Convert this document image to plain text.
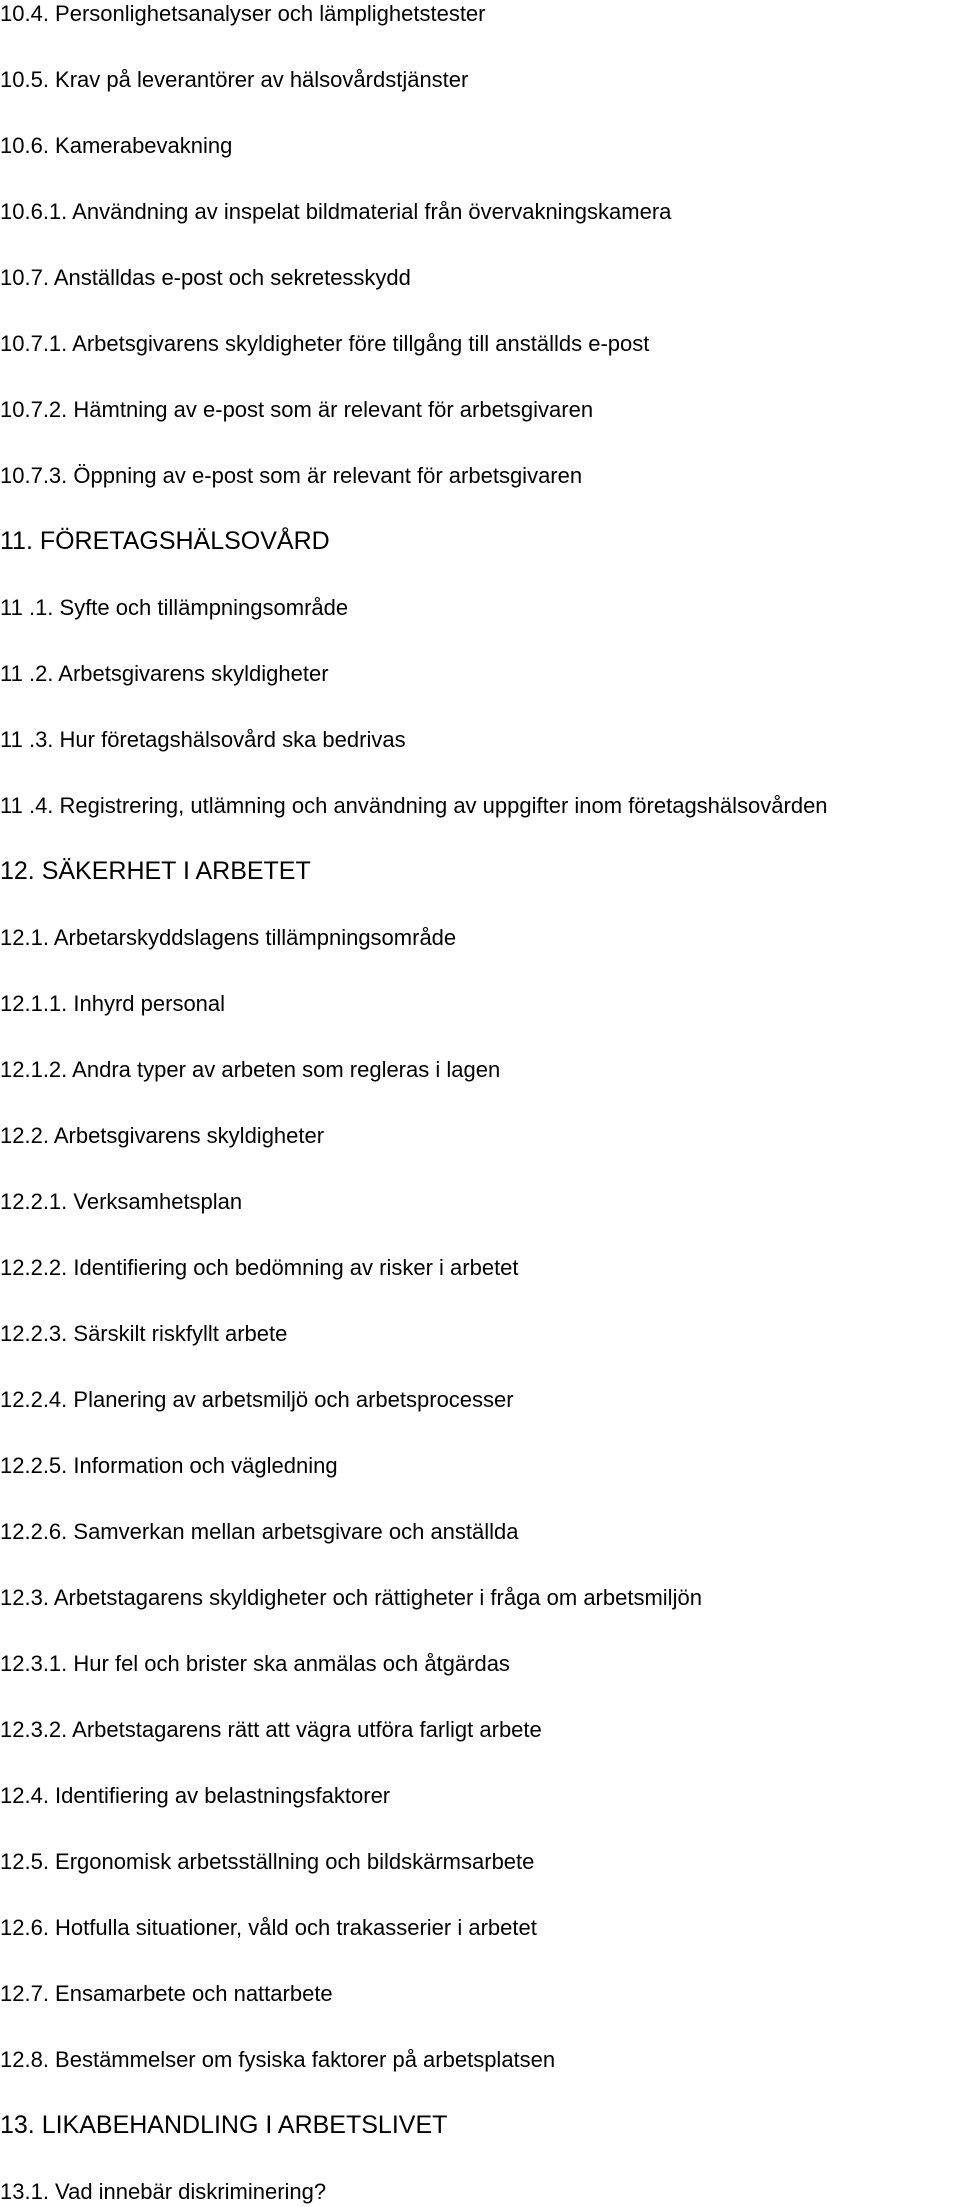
10.4. Personlighetsanalyser och lämplighetstester
10.5. Krav på leverantörer av hälsovårdstjänster
10.6. Kamerabevakning
10.6.1. Användning av inspelat bildmaterial från övervakningskamera
10.7. Anställdas e-post och sekretesskydd
10.7.1. Arbetsgivarens skyldigheter före tillgång till anställds e-post
10.7.2. Hämtning av e-post som är relevant för arbetsgivaren
10.7.3. Öppning av e-post som är relevant för arbetsgivaren
11. FÖRETAGSHÄLSOVÅRD
11 .1. Syfte och tillämpningsområde
11 .2. Arbetsgivarens skyldigheter
11 .3. Hur företagshälsovård ska bedrivas
11 .4. Registrering, utlämning och användning av uppgifter inom företagshälsovården
12. SÄKERHET I ARBETET
12.1. Arbetarskyddslagens tillämpningsområde
12.1.1. Inhyrd personal
12.1.2. Andra typer av arbeten som regleras i lagen
12.2. Arbetsgivarens skyldigheter
12.2.1. Verksamhetsplan
12.2.2. Identifiering och bedömning av risker i arbetet
12.2.3. Särskilt riskfyllt arbete
12.2.4. Planering av arbetsmiljö och arbetsprocesser
12.2.5. Information och vägledning
12.2.6. Samverkan mellan arbetsgivare och anställda
12.3. Arbetstagarens skyldigheter och rättigheter i fråga om arbetsmiljön
12.3.1. Hur fel och brister ska anmälas och åtgärdas
12.3.2. Arbetstagarens rätt att vägra utföra farligt arbete
12.4. Identifiering av belastningsfaktorer
12.5. Ergonomisk arbetsställning och bildskärmsarbete
12.6. Hotfulla situationer, våld och trakasserier i arbetet
12.7. Ensamarbete och nattarbete
12.8. Bestämmelser om fysiska faktorer på arbetsplatsen
13. LIKABEHANDLING I ARBETSLIVET
13.1. Vad innebär diskriminering?
